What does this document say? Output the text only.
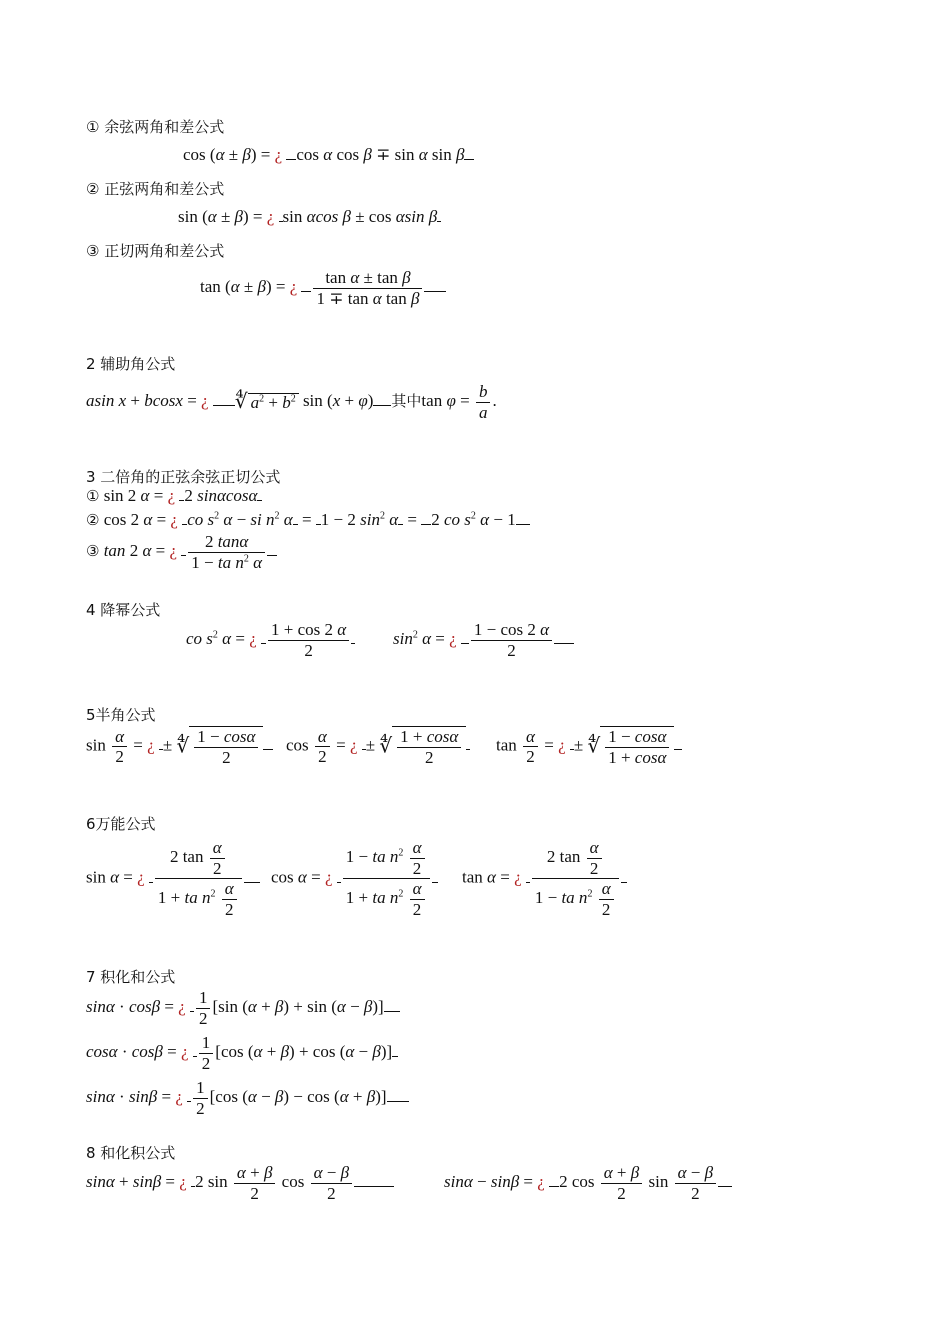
① 余弦两角和差公式
cos (α ± β) = ¿ cos α cos β ∓ sin α sin β
② 正弦两角和差公式
sin (α ± β) = ¿ sin αcos β ± cos αsin β
③ 正切两角和差公式
tan (α ± β) = ¿ $\frac{\text{tan α ± tan β}}{\text{1 ∓ tan α tan β}}$
2 辅助角公式
asin x + bcosx = ¿ ∜ $a^2 + b^2$ sin (x + φ) 其中$\tan \varphi = \frac{b}{a}$ .
3 二倍角的正弦余弦正切公式
① sin 2 α = ¿ 2 sinαcosα
② cos 2 α = ¿ co $s^2$ α − si $n^2$ α = 1 − 2 $\sin^2 \alpha = 2$ co $s^2$ α − 1
③ tan 2 α = ¿ $\frac{2 \tan\alpha}{1 - ta n^2 \alpha}$
4 降幂公式
co $s^2$ α = ¿ $\frac{1 + \cos 2 \alpha}{2}$	$\sin^2 \alpha$ = ¿ $\frac{1 - \cos 2 \alpha}{2}$
5半角公式
$\sin \frac{\alpha}{2}$ = ¿ ± ∜ $\frac{1 - \cos\alpha}{2}$ $\cos \frac{\alpha}{2}$ = ¿ ± ∜ $\frac{1 + \cos\alpha}{2}$ $\tan \frac{\alpha}{2}$ = ¿ ± ∜ $\frac{1 - \cos\alpha}{1 + \cos\alpha}$
6万能公式
sin α = ¿ $\frac{2 \tan \frac{\alpha}{2}}{1 + ta n^2 \frac{\alpha}{2}}$ cos α = ¿ $\frac{1 - ta n^2 \frac{\alpha}{2}}{1 + ta n^2 \frac{\alpha}{2}}$ tan α = ¿ $\frac{2 \tan \frac{\alpha}{2}}{1 - ta n^2 \frac{\alpha}{2}}$
7 积化和公式
sinα · cosβ = ¿ $\frac{1}{2} [\sin$ (α + β) + sin (α − β)]
cosα · cosβ = ¿ $\frac{1}{2} [\cos$ (α + β) + cos (α − β)]
sinα · sinβ = ¿ $\frac{1}{2} [\cos$ (α − β) − cos (α + β)]
8 和化积公式
sinα + sinβ = ¿ 2 $\sin \frac{\alpha + \beta}{2}$ $\cos \frac{\alpha - \beta}{2}$	sinα − sinβ = ¿ 2 $\cos \frac{\alpha + \beta}{2}$ $\sin \frac{\alpha - \beta}{2}$
